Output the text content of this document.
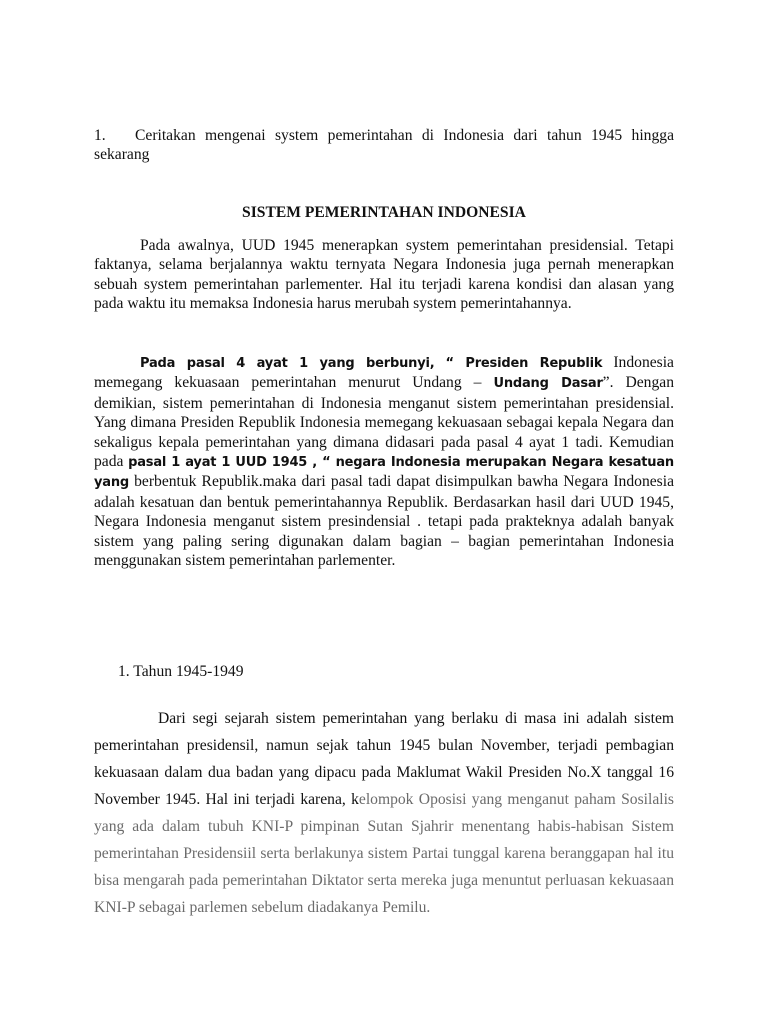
1.	Ceritakan mengenai system pemerintahan di Indonesia dari tahun 1945 hingga sekarang
SISTEM PEMERINTAHAN INDONESIA
Pada awalnya, UUD 1945 menerapkan system pemerintahan presidensial. Tetapi faktanya, selama berjalannya waktu ternyata Negara Indonesia juga pernah menerapkan sebuah system pemerintahan parlementer. Hal itu terjadi karena kondisi dan alasan yang pada waktu itu memaksa Indonesia harus merubah system pemerintahannya.
Pada pasal 4 ayat 1 yang berbunyi, “ Presiden Republik Indonesia memegang kekuasaan pemerintahan menurut Undang – Undang Dasar”. Dengan demikian, sistem pemerintahan di Indonesia menganut sistem pemerintahan presidensial. Yang dimana Presiden Republik Indonesia memegang kekuasaan sebagai kepala Negara dan sekaligus kepala pemerintahan yang dimana didasari pada pasal 4 ayat 1 tadi. Kemudian pada pasal 1 ayat 1 UUD 1945 , “ negara Indonesia merupakan Negara kesatuan yang berbentuk Republik.maka dari pasal tadi dapat disimpulkan bawha Negara Indonesia adalah kesatuan dan bentuk pemerintahannya Republik. Berdasarkan hasil dari UUD 1945, Negara Indonesia menganut sistem presindensial . tetapi pada prakteknya adalah banyak sistem yang paling sering digunakan dalam bagian – bagian pemerintahan Indonesia menggunakan sistem pemerintahan parlementer.
1. Tahun 1945-1949
Dari segi sejarah sistem pemerintahan yang berlaku di masa ini adalah sistem pemerintahan presidensil, namun sejak tahun 1945 bulan November, terjadi pembagian kekuasaan dalam dua badan yang dipacu pada Maklumat Wakil Presiden No.X tanggal 16 November 1945. Hal ini terjadi karena, kelompok Oposisi yang menganut paham Sosilalis yang ada dalam tubuh KNI-P pimpinan Sutan Sjahrir menentang habis-habisan Sistem pemerintahan Presidensiil serta berlakunya sistem Partai tunggal karena beranggapan hal itu bisa mengarah pada pemerintahan Diktator serta mereka juga menuntut perluasan kekuasaan KNI-P sebagai parlemen sebelum diadakanya Pemilu.
